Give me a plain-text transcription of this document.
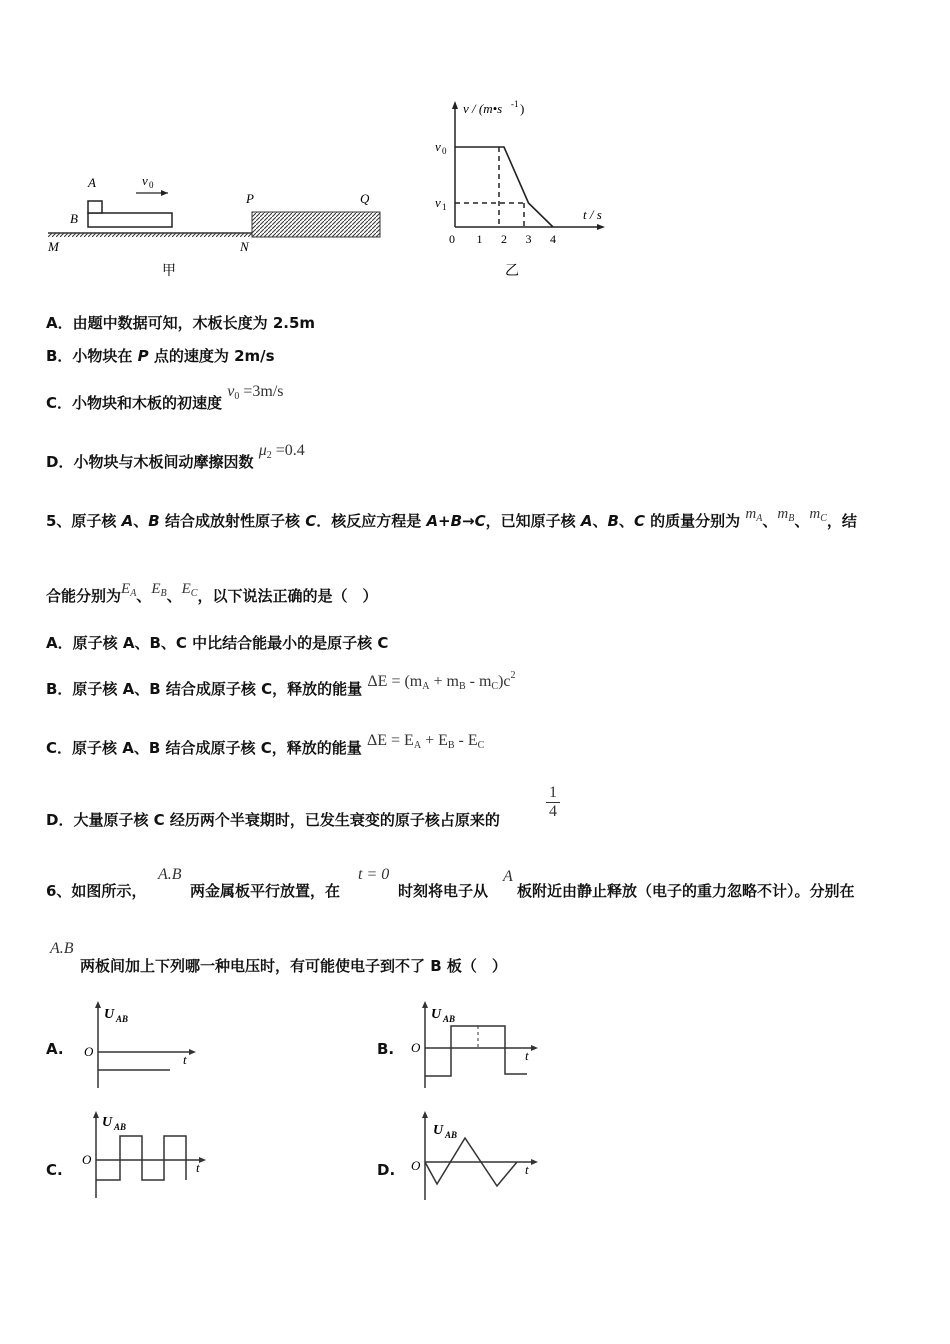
A
B
v 0
P	Q
M	N
甲
v / (m•s -1 )
t / s
v 0
v 1
0 1 2 3 4
乙
A．由题中数据可知，木板长度为 2.5m
B．小物块在 P 点的速度为 2m/s
C．小物块和木板的初速度 $v_0 =3m/s$
D．小物块与木板间动摩擦因数 $\mu_2 =0.4$
5、原子核 A、B 结合成放射性原子核 C．核反应方程是 A+B→C，已知原子核 A、B、C 的质量分别为 $m_A$、$m_B$、$m_C$，结
合能分别为$E_A$、$E_B$、$E_C$，以下说法正确的是（　）
A．原子核 A、B、C 中比结合能最小的是原子核 C
B．原子核 A、B 结合成原子核 C，释放的能量 $\Delta E = (m_A + m_B - m_C)c^2$
C．原子核 A、B 结合成原子核 C，释放的能量 $\Delta E = E_A + E_B - E_C$
D．大量原子核 C 经历两个半衰期时，已发生衰变的原子核占原来的
1
4
6、如图所示，
A.B
两金属板平行放置，在
t = 0
时刻将电子从
A
板附近由静止释放（电子的重力忽略不计）。分别在
A.B
两板间加上下列哪一种电压时，有可能使电子到不了 B 板（　）
A.	B.
C.	D.
U AB
O
t
U AB
O
t
U AB
O
t
U AB
O	t
